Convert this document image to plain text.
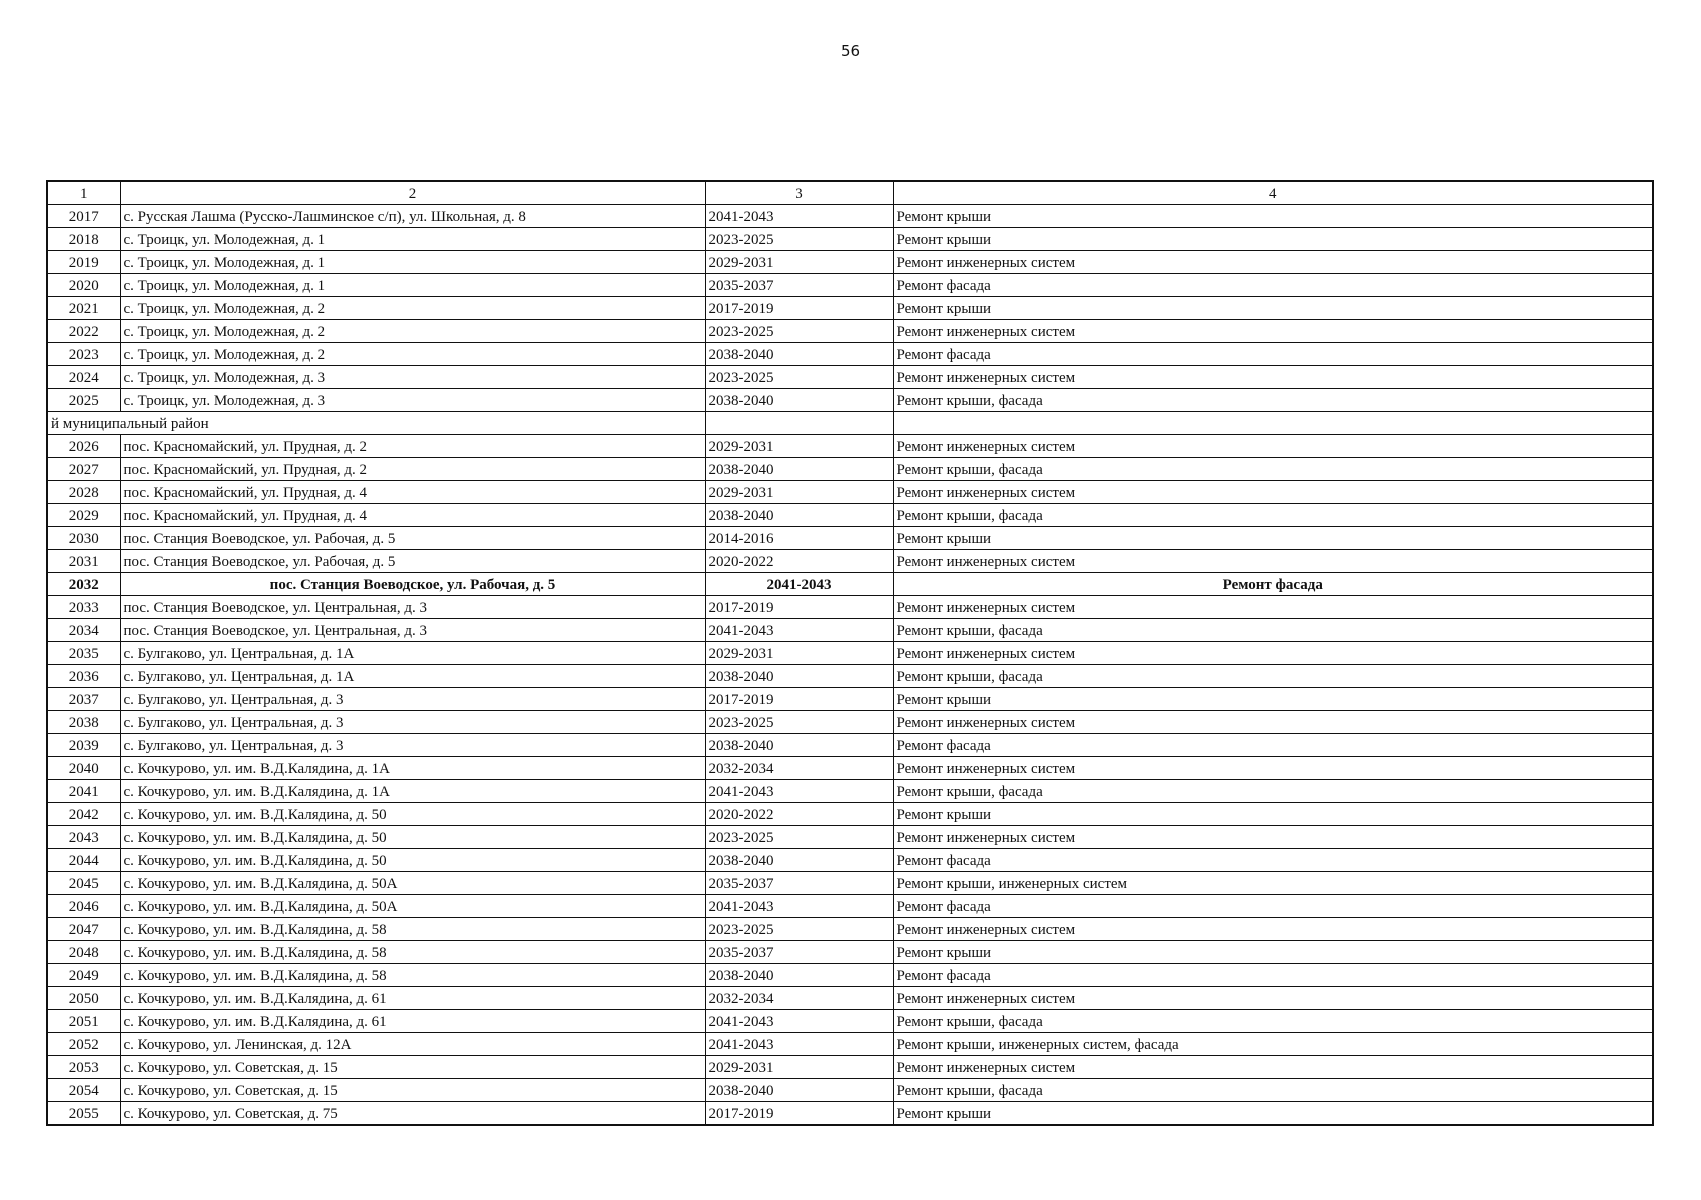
56
1	2	3	4
2017	с. Русская Лашма (Русско-Лашминское с/п), ул. Школьная, д. 8	2041-2043	Ремонт крыши
2018	с. Троицк, ул. Молодежная, д. 1	2023-2025	Ремонт крыши
2019	с. Троицк, ул. Молодежная, д. 1	2029-2031	Ремонт инженерных систем
2020	с. Троицк, ул. Молодежная, д. 1	2035-2037	Ремонт фасада
2021	с. Троицк, ул. Молодежная, д. 2	2017-2019	Ремонт крыши
2022	с. Троицк, ул. Молодежная, д. 2	2023-2025	Ремонт инженерных систем
2023	с. Троицк, ул. Молодежная, д. 2	2038-2040	Ремонт фасада
2024	с. Троицк, ул. Молодежная, д. 3	2023-2025	Ремонт инженерных систем
2025	с. Троицк, ул. Молодежная, д. 3	2038-2040	Ремонт крыши, фасада
й муниципальный район			
2026	пос. Красномайский, ул. Прудная, д. 2	2029-2031	Ремонт инженерных систем
2027	пос. Красномайский, ул. Прудная, д. 2	2038-2040	Ремонт крыши, фасада
2028	пос. Красномайский, ул. Прудная, д. 4	2029-2031	Ремонт инженерных систем
2029	пос. Красномайский, ул. Прудная, д. 4	2038-2040	Ремонт крыши, фасада
2030	пос. Станция Воеводское, ул. Рабочая, д. 5	2014-2016	Ремонт крыши
2031	пос. Станция Воеводское, ул. Рабочая, д. 5	2020-2022	Ремонт инженерных систем
2032	пос. Станция Воеводское, ул. Рабочая, д. 5	2041-2043	Ремонт фасада
2033	пос. Станция Воеводское, ул. Центральная, д. 3	2017-2019	Ремонт инженерных систем
2034	пос. Станция Воеводское, ул. Центральная, д. 3	2041-2043	Ремонт крыши, фасада
2035	с. Булгаково, ул. Центральная, д. 1А	2029-2031	Ремонт инженерных систем
2036	с. Булгаково, ул. Центральная, д. 1А	2038-2040	Ремонт крыши, фасада
2037	с. Булгаково, ул. Центральная, д. 3	2017-2019	Ремонт крыши
2038	с. Булгаково, ул. Центральная, д. 3	2023-2025	Ремонт инженерных систем
2039	с. Булгаково, ул. Центральная, д. 3	2038-2040	Ремонт фасада
2040	с. Кочкурово, ул. им. В.Д.Калядина, д. 1А	2032-2034	Ремонт инженерных систем
2041	с. Кочкурово, ул. им. В.Д.Калядина, д. 1А	2041-2043	Ремонт крыши, фасада
2042	с. Кочкурово, ул. им. В.Д.Калядина, д. 50	2020-2022	Ремонт крыши
2043	с. Кочкурово, ул. им. В.Д.Калядина, д. 50	2023-2025	Ремонт инженерных систем
2044	с. Кочкурово, ул. им. В.Д.Калядина, д. 50	2038-2040	Ремонт фасада
2045	с. Кочкурово, ул. им. В.Д.Калядина, д. 50А	2035-2037	Ремонт крыши, инженерных систем
2046	с. Кочкурово, ул. им. В.Д.Калядина, д. 50А	2041-2043	Ремонт фасада
2047	с. Кочкурово, ул. им. В.Д.Калядина, д. 58	2023-2025	Ремонт инженерных систем
2048	с. Кочкурово, ул. им. В.Д.Калядина, д. 58	2035-2037	Ремонт крыши
2049	с. Кочкурово, ул. им. В.Д.Калядина, д. 58	2038-2040	Ремонт фасада
2050	с. Кочкурово, ул. им. В.Д.Калядина, д. 61	2032-2034	Ремонт инженерных систем
2051	с. Кочкурово, ул. им. В.Д.Калядина, д. 61	2041-2043	Ремонт крыши, фасада
2052	с. Кочкурово, ул. Ленинская, д. 12А	2041-2043	Ремонт крыши, инженерных систем, фасада
2053	с. Кочкурово, ул. Советская, д. 15	2029-2031	Ремонт инженерных систем
2054	с. Кочкурово, ул. Советская, д. 15	2038-2040	Ремонт крыши, фасада
2055	с. Кочкурово, ул. Советская, д. 75	2017-2019	Ремонт крыши
